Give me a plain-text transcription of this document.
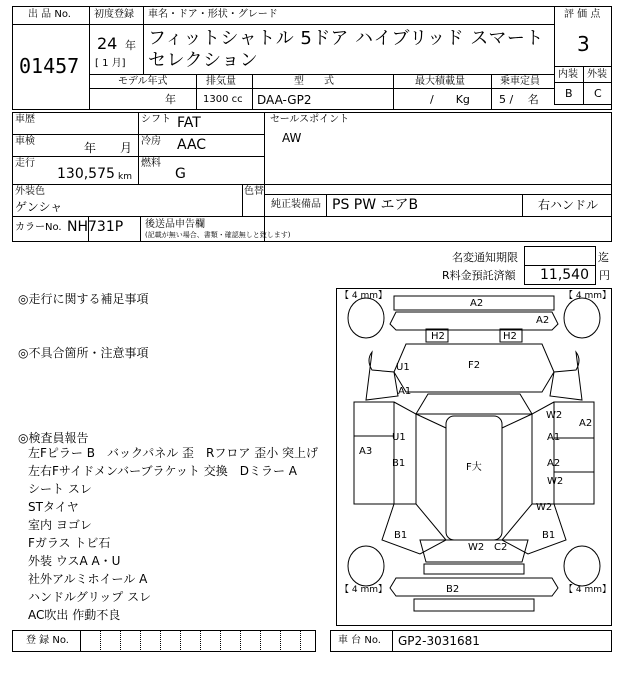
出 品 No.
01457
初度登録
24 年
[ 1 月]
車名・ドア・形状・グレード
フィットシャトル 5ドア ハイブリッド スマートセレクション
評 価 点
3
内装 外装
B C
モデル年式
年
排気量
1300 cc
型　　式
DAA-GP2
最大積載量
/　　Kg
乗車定員
5 /　 名
車歴
車検	年　　月
走行
130,575 km
シフト FAT
冷房 AAC
燃料
G
セールスポイント
AW
外装色
ゲンシャ
色替
純正装備品 PS PW エアB	右ハンドル
カラーNo. NH731P 後送品申告欄
(記載が無い場合、書類・確認無しと致します)
名変通知期限	迄
R料金預託済額 11,540 円
◎走行に関する補足事項
◎不具合箇所・注意事項
◎検査員報告
左Fピラー B　バックパネル 歪　Rフロア 歪小 突上げ
左右Fサイドメンバーブラケット 交換　Dミラー A
シート スレ
STタイヤ
室内 ヨゴレ
Fガラス トビ石
外装 ウスA A・U
社外アルミホイール A
ハンドルグリップ スレ
AC吹出 作動不良
【 4 mm】	【 4 mm】
【 4 mm】	【 4 mm】
A2
A2
H2	H2
U1
A1
F2
W2
A1
A2
A3
U1
B1	F大	A2
W2
W2
B1
B1
W2 C2
B2
登 録 No.	車 台 No. GP2-3031681
